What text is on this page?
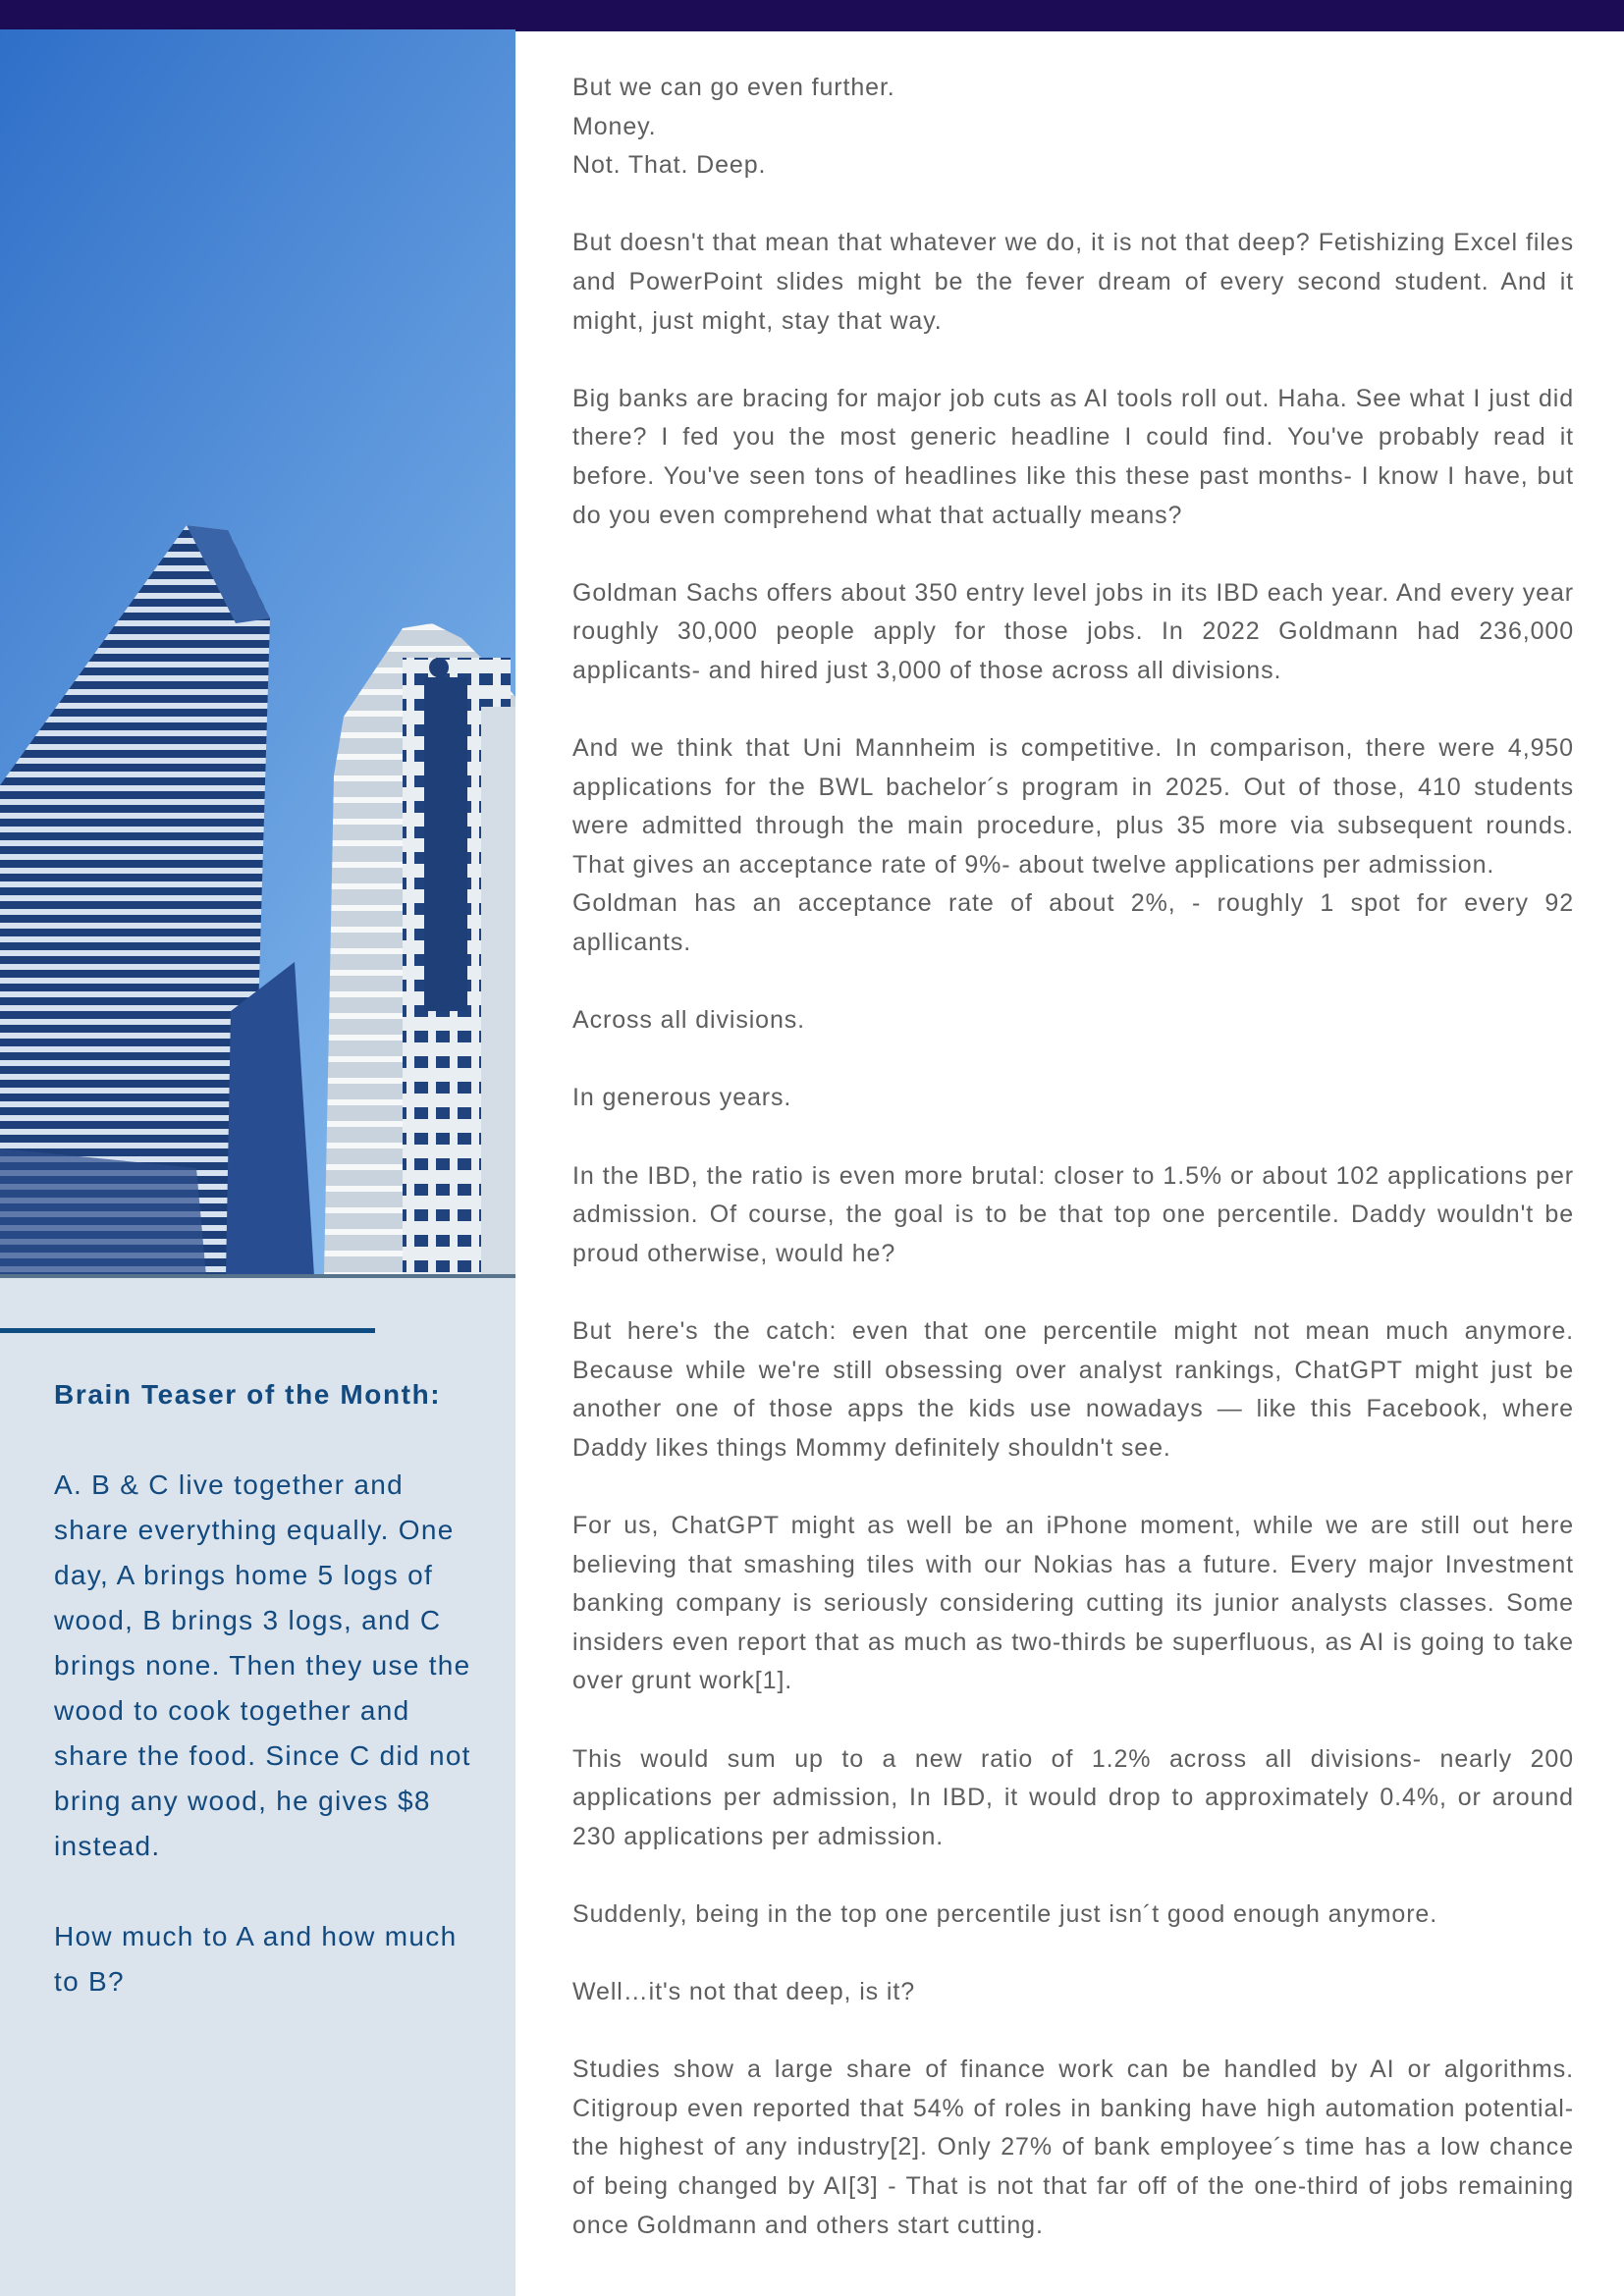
Brain Teaser of the Month:

A. B & C live together and share everything equally. One day, A brings home 5 logs of wood, B brings 3 logs, and C brings none. Then they use the wood to cook together and share the food. Since C did not bring any wood, he gives $8 instead.

How much to A and how much to B?

But we can go even further.
Money.
Not. That. Deep.

But doesn't that mean that whatever we do, it is not that deep? Fetishizing Excel files and PowerPoint slides might be the fever dream of every second student. And it might, just might, stay that way.

Big banks are bracing for major job cuts as AI tools roll out. Haha. See what I just did there? I fed you the most generic headline I could find. You've probably read it before. You've seen tons of headlines like this these past months- I know I have, but do you even comprehend what that actually means?

Goldman Sachs offers about 350 entry level jobs in its IBD each year. And every year roughly 30,000 people apply for those jobs. In 2022 Goldmann had 236,000 applicants- and hired just 3,000 of those across all divisions.

And we think that Uni Mannheim is competitive. In comparison, there were 4,950 applications for the BWL bachelor´s program in 2025. Out of those, 410 students were admitted through the main procedure, plus 35 more via subsequent rounds. That gives an acceptance rate of 9%- about twelve applications per admission.
Goldman has an acceptance rate of about 2%, - roughly 1 spot for every 92 apllicants.

Across all divisions.

In generous years.

In the IBD, the ratio is even more brutal: closer to 1.5% or about 102 applications per admission. Of course, the goal is to be that top one percentile. Daddy wouldn't be proud otherwise, would he?

But here's the catch: even that one percentile might not mean much anymore. Because while we're still obsessing over analyst rankings, ChatGPT might just be another one of those apps the kids use nowadays — like this Facebook, where Daddy likes things Mommy definitely shouldn't see.

For us, ChatGPT might as well be an iPhone moment, while we are still out here believing that smashing tiles with our Nokias has a future. Every major Investment banking company is seriously considering cutting its junior analysts classes. Some insiders even report that as much as two-thirds be superfluous, as AI is going to take over grunt work[1].

This would sum up to a new ratio of 1.2% across all divisions- nearly 200 applications per admission, In IBD, it would drop to approximately 0.4%, or around 230 applications per admission.

Suddenly, being in the top one percentile just isn´t good enough anymore.

Well…it's not that deep, is it?

Studies show a large share of finance work can be handled by AI or algorithms. Citigroup even reported that 54% of roles in banking have high automation potential- the highest of any industry[2]. Only 27% of bank employee´s time has a low chance of being changed by AI[3] - That is not that far off of the one-third of jobs remaining once Goldmann and others start cutting.
